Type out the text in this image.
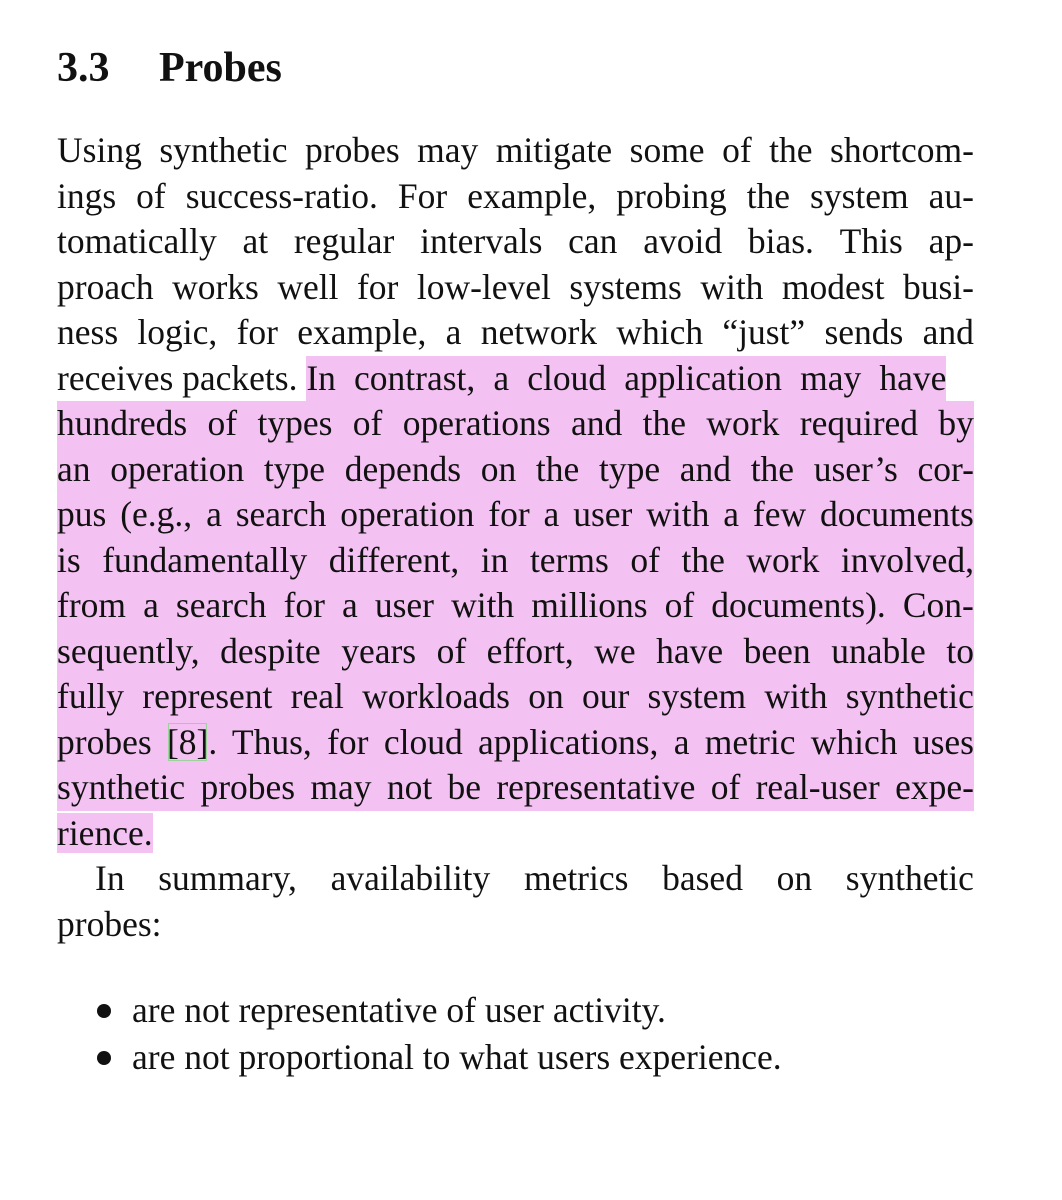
3.3 Probes
Using synthetic probes may mitigate some of the shortcom-
ings of success-ratio. For example, probing the system au-
tomatically at regular intervals can avoid bias. This ap-
proach works well for low-level systems with modest busi-
ness logic, for example, a network which “just” sends and
receives packets. In contrast, a cloud application may have
hundreds of types of operations and the work required by
an operation type depends on the type and the user’s cor-
pus (e.g., a search operation for a user with a few documents
is fundamentally different, in terms of the work involved,
from a search for a user with millions of documents). Con-
sequently, despite years of effort, we have been unable to
fully represent real workloads on our system with synthetic
probes [8]. Thus, for cloud applications, a metric which uses
synthetic probes may not be representative of real-user expe-
rience.
In summary, availability metrics based on synthetic
probes:
are not representative of user activity.
are not proportional to what users experience.
